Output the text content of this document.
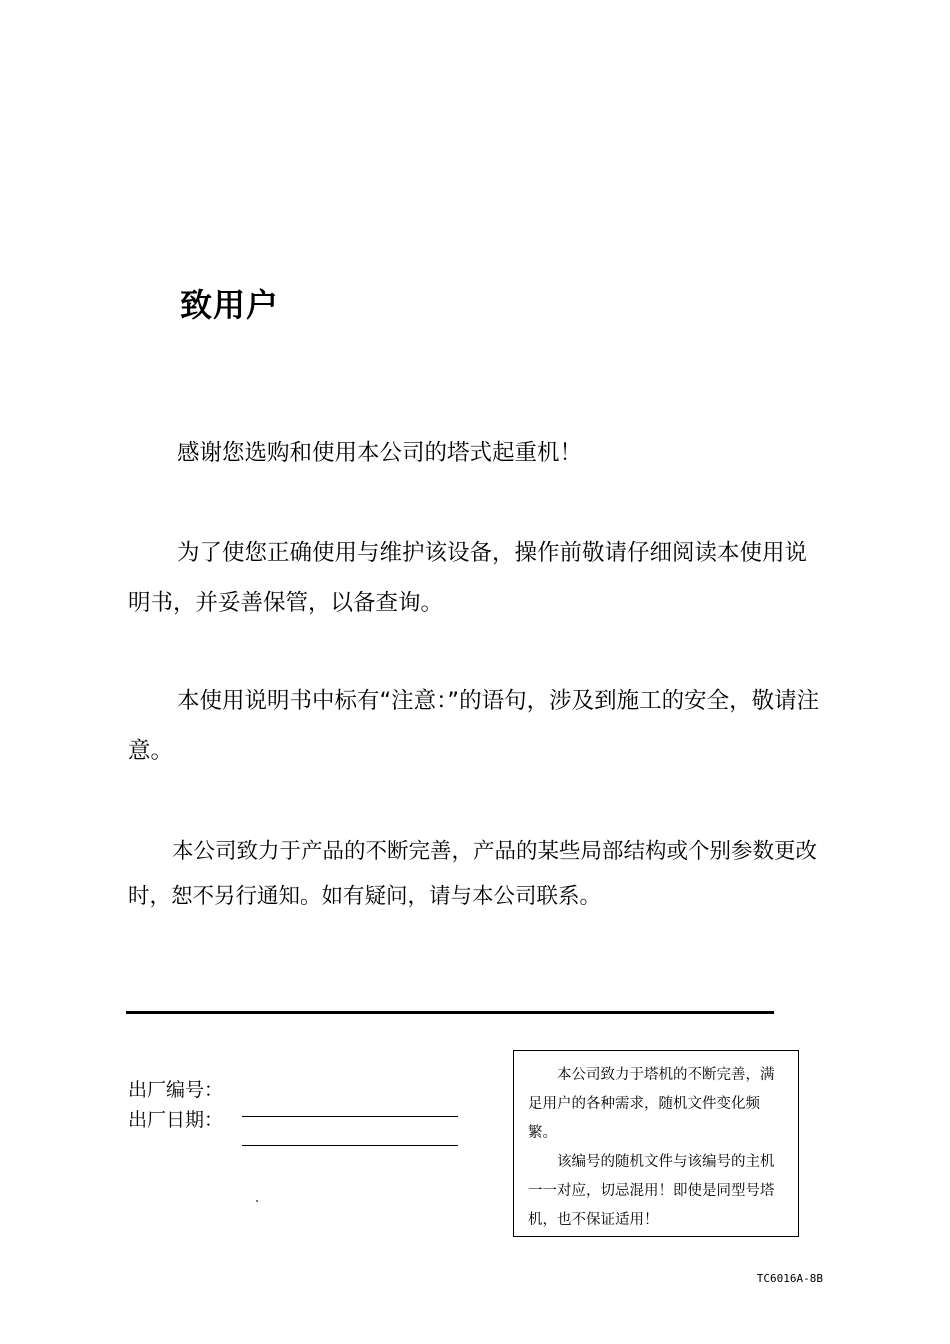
致用户

感谢您选购和使用本公司的塔式起重机！

为了使您正确使用与维护该设备，操作前敬请仔细阅读本使用说明书，并妥善保管，以备查询。

本使用说明书中标有“注意：”的语句，涉及到施工的安全，敬请注意。

本公司致力于产品的不断完善，产品的某些局部结构或个别参数更改时，恕不另行通知。如有疑问，请与本公司联系。

出厂编号：
出厂日期：

本公司致力于塔机的不断完善，满足用户的各种需求，随机文件变化频繁。

该编号的随机文件与该编号的主机一一对应，切忌混用！即使是同型号塔机，也不保证适用！

TC6016A-8B
